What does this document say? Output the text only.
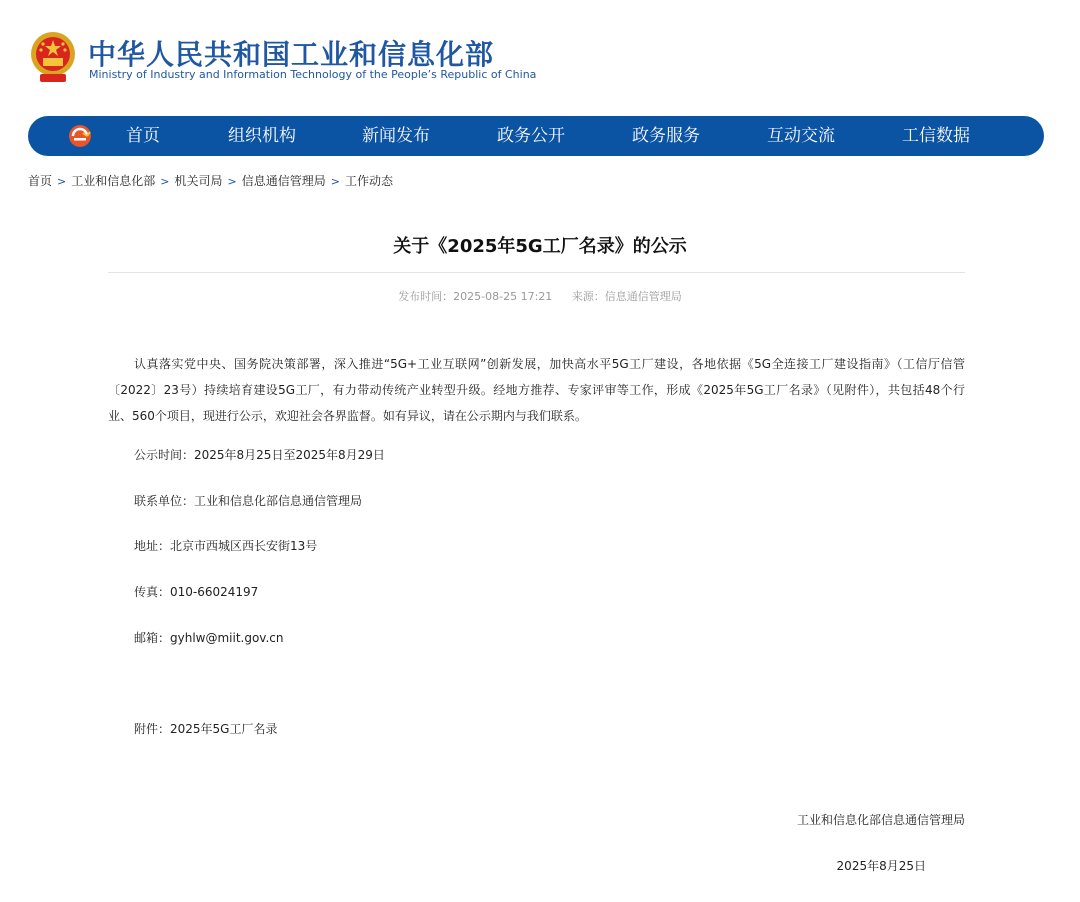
中华人民共和国工业和信息化部
Ministry of Industry and Information Technology of the People’s Republic of China
首页	组织机构	新闻发布	政务公开	政务服务	互动交流	工信数据
首页 > 工业和信息化部 > 机关司局 > 信息通信管理局 > 工作动态
关于《2025年5G工厂名录》的公示
发布时间：2025-08-25 17:21 来源：信息通信管理局
认真落实党中央、国务院决策部署，深入推进“5G+工业互联网”创新发展，加快高水平5G工厂建设，各地依据《5G全连接工厂建设指南》（工信厅信管〔2022〕23号）持续培育建设5G工厂，有力带动传统产业转型升级。经地方推荐、专家评审等工作，形成《2025年5G工厂名录》（见附件），共包括48个行业、560个项目，现进行公示，欢迎社会各界监督。如有异议，请在公示期内与我们联系。
公示时间：2025年8月25日至2025年8月29日
联系单位：工业和信息化部信息通信管理局
地址：北京市西城区西长安街13号
传真：010-66024197
邮箱：gyhlw@miit.gov.cn
附件：2025年5G工厂名录
工业和信息化部信息通信管理局
2025年8月25日
